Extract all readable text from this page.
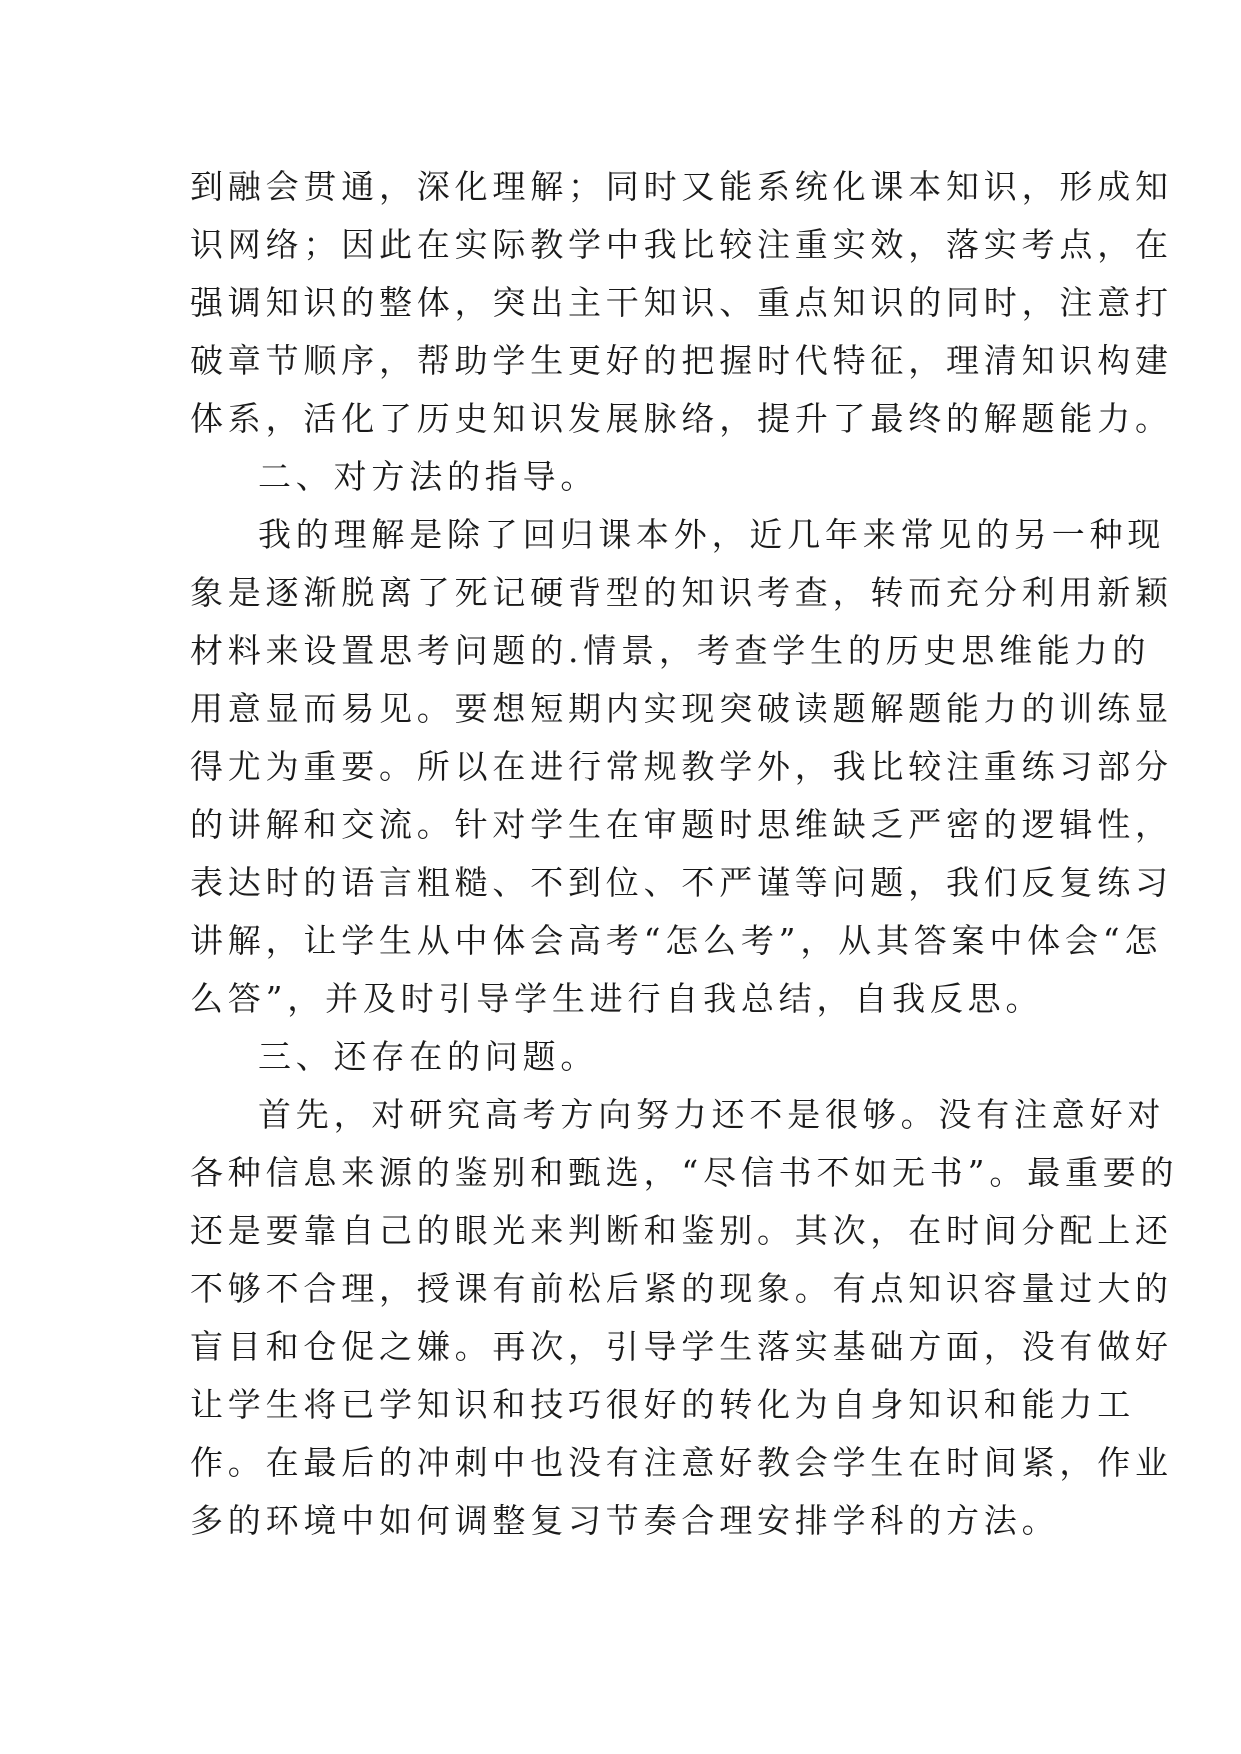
到融会贯通，深化理解；同时又能系统化课本知识，形成知
识网络；因此在实际教学中我比较注重实效，落实考点，在
强调知识的整体，突出主干知识、重点知识的同时，注意打
破章节顺序，帮助学生更好的把握时代特征，理清知识构建
体系，活化了历史知识发展脉络，提升了最终的解题能力。
二、对方法的指导。
我的理解是除了回归课本外，近几年来常见的另一种现
象是逐渐脱离了死记硬背型的知识考查，转而充分利用新颖
材料来设置思考问题的.情景，考查学生的历史思维能力的
用意显而易见。要想短期内实现突破读题解题能力的训练显
得尤为重要。所以在进行常规教学外，我比较注重练习部分
的讲解和交流。针对学生在审题时思维缺乏严密的逻辑性，
表达时的语言粗糙、不到位、不严谨等问题，我们反复练习
讲解，让学生从中体会高考“怎么考”，从其答案中体会“怎
么答”，并及时引导学生进行自我总结，自我反思。
三、还存在的问题。
首先，对研究高考方向努力还不是很够。没有注意好对
各种信息来源的鉴别和甄选，“尽信书不如无书”。最重要的
还是要靠自己的眼光来判断和鉴别。其次，在时间分配上还
不够不合理，授课有前松后紧的现象。有点知识容量过大的
盲目和仓促之嫌。再次，引导学生落实基础方面，没有做好
让学生将已学知识和技巧很好的转化为自身知识和能力工
作。在最后的冲刺中也没有注意好教会学生在时间紧，作业
多的环境中如何调整复习节奏合理安排学科的方法。
